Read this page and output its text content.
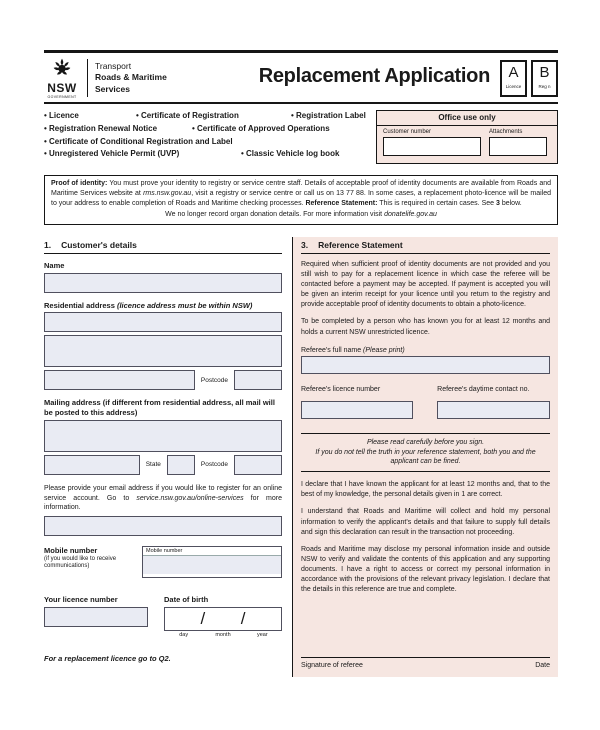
NSW
GOVERNMENT
Transport
Roads & Maritime
Services
Replacement Application A
Licence
B
Reg n
• Licence	• Certificate of Registration	• Registration Label
• Registration Renewal Notice	• Certificate of Approved Operations
• Certificate of Conditional Registration and Label
• Unregistered Vehicle Permit (UVP)	• Classic Vehicle log book
Office use only
Customer number	Attachments

Proof of identity: You must prove your identity to registry or service centre staff. Details of acceptable proof of identity documents are available from Roads and Maritime Services website at rms.nsw.gov.au, visit a registry or service centre or call us on 13 77 88. In some cases, a replacement photo-licence will be mailed to your address to enable completion of Roads and Maritime checking processes. Reference Statement: This is required in certain cases. See 3 below.

We no longer record organ donation details. For more information visit donatelife.gov.au
1. Customer's details
Name
Residential address (licence address must be within NSW)
Postcode
Mailing address (if different from residential address, all mail will be posted to this address)
State	Postcode

Please provide your email address if you would like to register for an online service account. Go to service.nsw.gov.au/online-services for more information.

Mobile number
(if you would like to receive communications)
Mobile number
Your licence number	Date of birth
/ /
day	month	year
For a replacement licence go to Q2.
3. Reference Statement

Required when sufficient proof of identity documents are not provided and you still wish to pay for a replacement licence in which case the referee will be contacted before a payment may be accepted. If payment is accepted you will be given an interim receipt for your licence until you return to the registry and provide acceptable proof of identity documents to obtain a photo-licence.

To be completed by a person who has known you for at least 12 months and holds a current NSW unrestricted licence.

Referee's full name (Please print)
Referee's licence number	Referee's daytime contact no.
Please read carefully before you sign.
If you do not tell the truth in your reference statement, both you and the applicant can be fined.

I declare that I have known the applicant for at least 12 months and, that to the best of my knowledge, the personal details given in 1 are correct.

I understand that Roads and Maritime will collect and hold my personal information to verify the applicant's details and that failure to supply full details and sign this declaration can result in the transaction not proceeding.

Roads and Maritime may disclose my personal information inside and outside NSW to verify and validate the contents of this application and any supporting documents. I have a right to access or correct my personal information in accordance with the provisions of the relevant privacy legislation. I declare that the details in this reference are true and complete.

Signature of referee	Date
